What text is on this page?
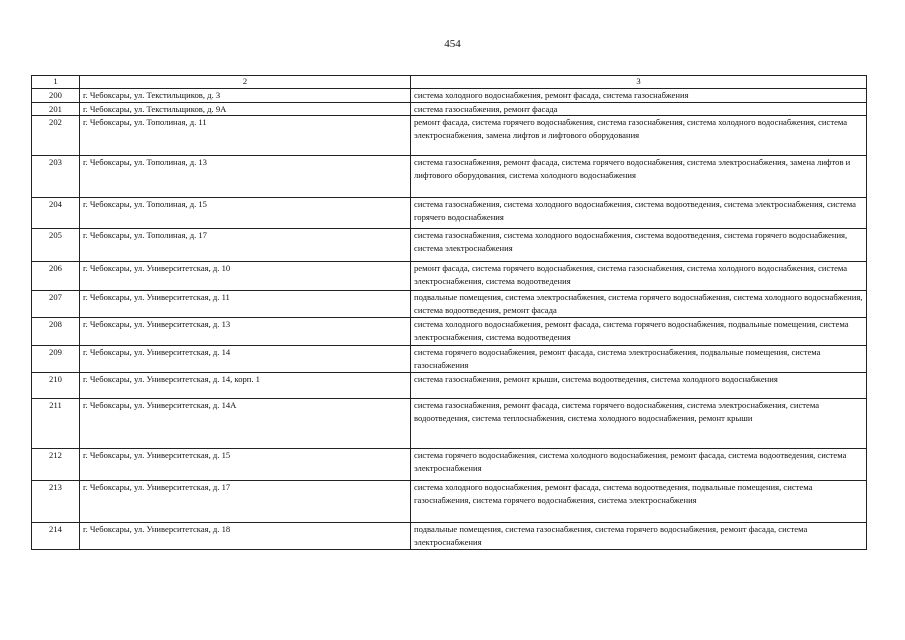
454
1	2	3
200	г. Чебоксары, ул. Текстильщиков, д. 3	система холодного водоснабжения, ремонт фасада, система газоснабжения
201	г. Чебоксары, ул. Текстильщиков, д. 9А	система газоснабжения, ремонт фасада
202	г. Чебоксары, ул. Тополиная, д. 11	ремонт фасада, система горячего водоснабжения, система газоснабжения, система холодного водоснабжения, система электроснабжения, замена лифтов и лифтового оборудования
203	г. Чебоксары, ул. Тополиная, д. 13	система газоснабжения, ремонт фасада, система горячего водоснабжения, система электроснабжения, замена лифтов и лифтового оборудования, система холодного водоснабжения
204	г. Чебоксары, ул. Тополиная, д. 15	система газоснабжения, система холодного водоснабжения, система водоотведения, система электроснабжения, система горячего водоснабжения
205	г. Чебоксары, ул. Тополиная, д. 17	система газоснабжения, система холодного водоснабжения, система водоотведения, система горячего водоснабжения, система электроснабжения
206	г. Чебоксары, ул. Университетская, д. 10	ремонт фасада, система горячего водоснабжения, система газоснабжения, система холодного водоснабжения, система электроснабжения, система водоотведения
207	г. Чебоксары, ул. Университетская, д. 11	подвальные помещения, система электроснабжения, система горячего водоснабжения, система холодного водоснабжения, система водоотведения, ремонт фасада
208	г. Чебоксары, ул. Университетская, д. 13	система холодного водоснабжения, ремонт фасада, система горячего водоснабжения, подвальные помещения, система электроснабжения, система водоотведения
209	г. Чебоксары, ул. Университетская, д. 14	система горячего водоснабжения, ремонт фасада, система электроснабжения, подвальные помещения, система газоснабжения
210	г. Чебоксары, ул. Университетская, д. 14, корп. 1	система газоснабжения, ремонт крыши, система водоотведения, система холодного водоснабжения
211	г. Чебоксары, ул. Университетская, д. 14А	система газоснабжения, ремонт фасада, система горячего водоснабжения, система электроснабжения, система водоотведения, система теплоснабжения, система холодного водоснабжения, ремонт крыши
212	г. Чебоксары, ул. Университетская, д. 15	система горячего водоснабжения, система холодного водоснабжения, ремонт фасада, система водоотведения, система электроснабжения
213	г. Чебоксары, ул. Университетская, д. 17	система холодного водоснабжения, ремонт фасада, система водоотведения, подвальные помещения, система газоснабжения, система горячего водоснабжения, система электроснабжения
214	г. Чебоксары, ул. Университетская, д. 18	подвальные помещения, система газоснабжения, система горячего водоснабжения, ремонт фасада, система электроснабжения
